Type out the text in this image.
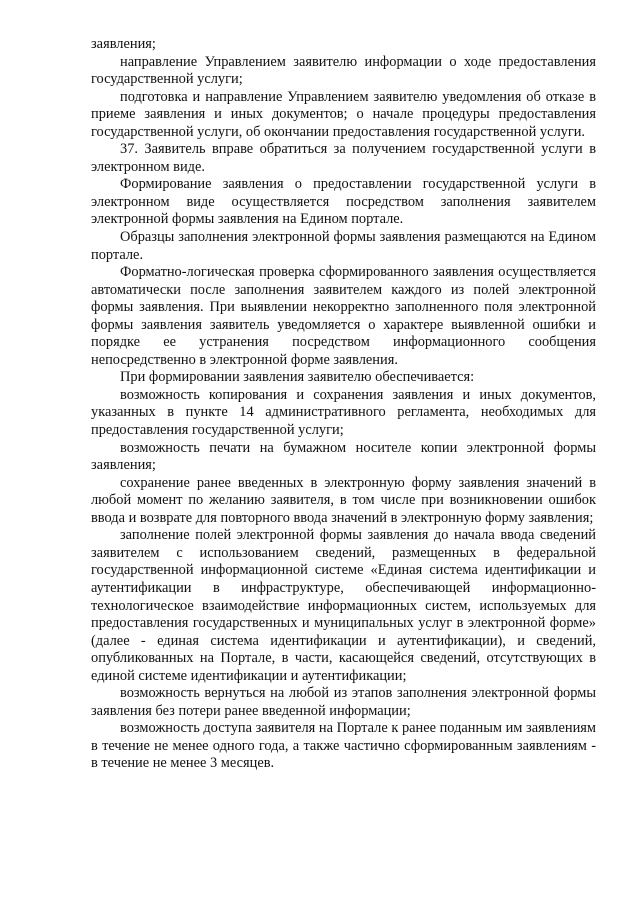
заявления;

направление Управлением заявителю информации о ходе предоставления государственной услуги;

подготовка и направление Управлением заявителю уведомления об отказе в приеме заявления и иных документов; о начале процедуры предоставления государственной услуги, об окончании предоставления государственной услуги.

37. Заявитель вправе обратиться за получением государственной услуги в электронном виде.

Формирование заявления о предоставлении государственной услуги в электронном виде осуществляется посредством заполнения заявителем электронной формы заявления на Едином портале.

Образцы заполнения электронной формы заявления размещаются на Едином портале.

Форматно-логическая проверка сформированного заявления осуществляется автоматически после заполнения заявителем каждого из полей электронной формы заявления. При выявлении некорректно заполненного поля электронной формы заявления заявитель уведомляется о характере выявленной ошибки и порядке ее устранения посредством информационного сообщения непосредственно в электронной форме заявления.

При формировании заявления заявителю обеспечивается:

возможность копирования и сохранения заявления и иных документов, указанных в пункте 14 административного регламента, необходимых для предоставления государственной услуги;

возможность печати на бумажном носителе копии электронной формы заявления;

сохранение ранее введенных в электронную форму заявления значений в любой момент по желанию заявителя, в том числе при возникновении ошибок ввода и возврате для повторного ввода значений в электронную форму заявления;

заполнение полей электронной формы заявления до начала ввода сведений заявителем с использованием сведений, размещенных в федеральной государственной информационной системе «Единая система идентификации и аутентификации в инфраструктуре, обеспечивающей информационно-технологическое взаимодействие информационных систем, используемых для предоставления государственных и муниципальных услуг в электронной форме» (далее - единая система идентификации и аутентификации), и сведений, опубликованных на Портале, в части, касающейся сведений, отсутствующих в единой системе идентификации и аутентификации;

возможность вернуться на любой из этапов заполнения электронной формы заявления без потери ранее введенной информации;

возможность доступа заявителя на Портале к ранее поданным им заявлениям в течение не менее одного года, а также частично сформированным заявлениям - в течение не менее 3 месяцев.
